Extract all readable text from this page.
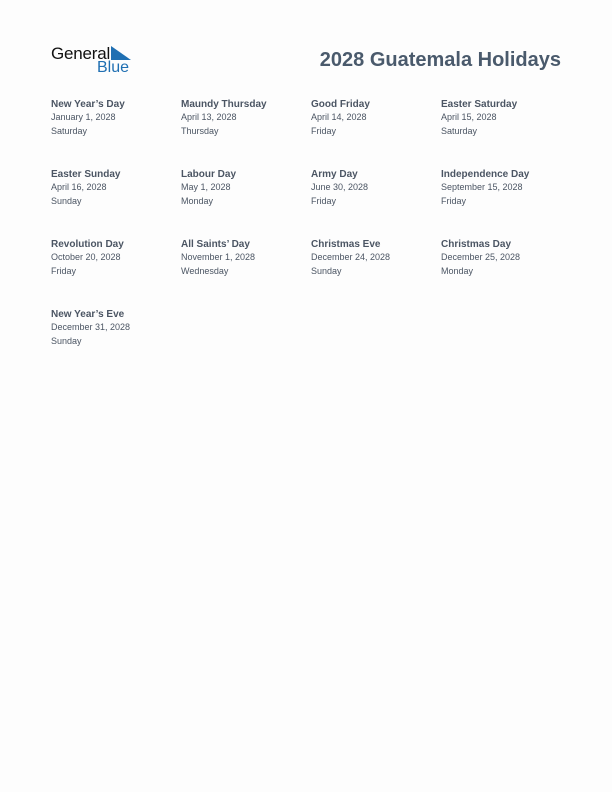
General
Blue	2028 Guatemala Holidays
New Year’s Day
January 1, 2028
Saturday
Maundy Thursday
April 13, 2028
Thursday
Good Friday
April 14, 2028
Friday
Easter Saturday
April 15, 2028
Saturday
Easter Sunday
April 16, 2028
Sunday
Labour Day
May 1, 2028
Monday
Army Day
June 30, 2028
Friday
Independence Day
September 15, 2028
Friday
Revolution Day
October 20, 2028
Friday
All Saints’ Day
November 1, 2028
Wednesday
Christmas Eve
December 24, 2028
Sunday
Christmas Day
December 25, 2028
Monday
New Year’s Eve
December 31, 2028
Sunday
